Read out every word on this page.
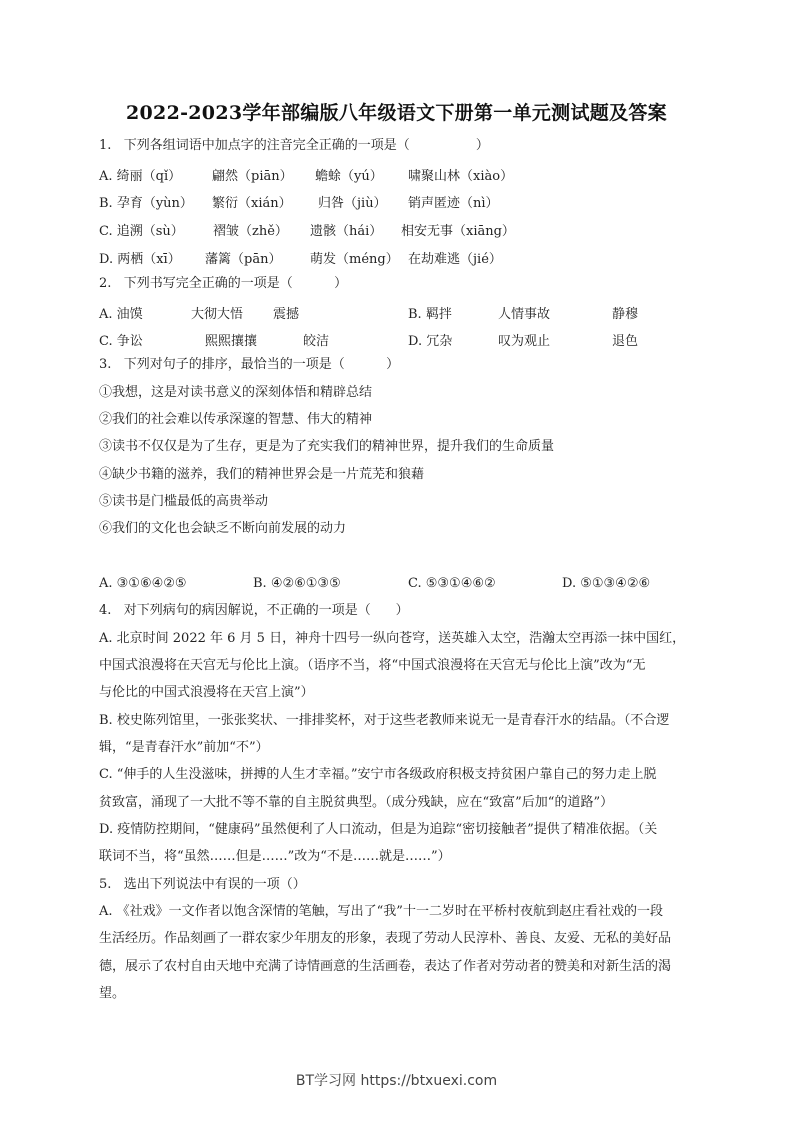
2022-2023学年部编版八年级语文下册第一单元测试题及答案
1.   下列各组词语中加点字的注音完全正确的一项是（                ）
A. 绮丽（qǐ） 翩然（piān） 蟾蜍（yú） 啸聚山林（xiào）
B. 孕育（yùn） 繁衍（xián） 归咎（jiù） 销声匿迹（nì）
C. 追溯（sù） 褶皱（zhě） 遗骸（hái） 相安无事（xiāng）
D. 两栖（xī） 藩篱（pān） 萌发（méng） 在劫难逃（jié）
2.   下列书写完全正确的一项是（          ）
A. 油馍	大彻大悟 震撼	B. 羁拌	人情事故	静穆
C. 争讼	熙熙攘攘	皎洁	D. 冗杂	叹为观止	退色
3.   下列对句子的排序，最恰当的一项是（          ）
①我想，这是对读书意义的深刻体悟和精辟总结
②我们的社会难以传承深邃的智慧、伟大的精神
③读书不仅仅是为了生存，更是为了充实我们的精神世界，提升我们的生命质量
④缺少书籍的滋养，我们的精神世界会是一片荒芜和狼藉
⑤读书是门槛最低的高贵举动
⑥我们的文化也会缺乏不断向前发展的动力
A. ③①⑥④②⑤	B. ④②⑥①③⑤	C. ⑤③①④⑥②	D. ⑤①③④②⑥
4.   对下列病句的病因解说，不正确的一项是（      ）
A. 北京时间 2022 年 6 月 5 日，神舟十四号一纵向苍穹，送英雄入太空，浩瀚太空再添一抹中国红，
中国式浪漫将在天宫无与伦比上演。（语序不当，将“中国式浪漫将在天宫无与伦比上演”改为“无
与伦比的中国式浪漫将在天宫上演”）
B. 校史陈列馆里，一张张奖状、一排排奖杯，对于这些老教师来说无一是青春汗水的结晶。（不合逻
辑，“是青春汗水”前加“不”）
C. “伸手的人生没滋味，拼搏的人生才幸福。”安宁市各级政府积极支持贫困户靠自己的努力走上脱
贫致富，涌现了一大批不等不靠的自主脱贫典型。（成分残缺，应在“致富”后加“的道路”）
D. 疫情防控期间，“健康码”虽然便利了人口流动，但是为追踪“密切接触者”提供了精准依据。（关
联词不当，将“虽然……但是……”改为“不是……就是……”）
5.   选出下列说法中有误的一项（）
A. 《社戏》一文作者以饱含深情的笔触，写出了“我”十一二岁时在平桥村夜航到赵庄看社戏的一段
生活经历。作品刻画了一群农家少年朋友的形象，表现了劳动人民淳朴、善良、友爱、无私的美好品
德，展示了农村自由天地中充满了诗情画意的生活画卷，表达了作者对劳动者的赞美和对新生活的渴
望。
BT学习网 https://btxuexi.com
